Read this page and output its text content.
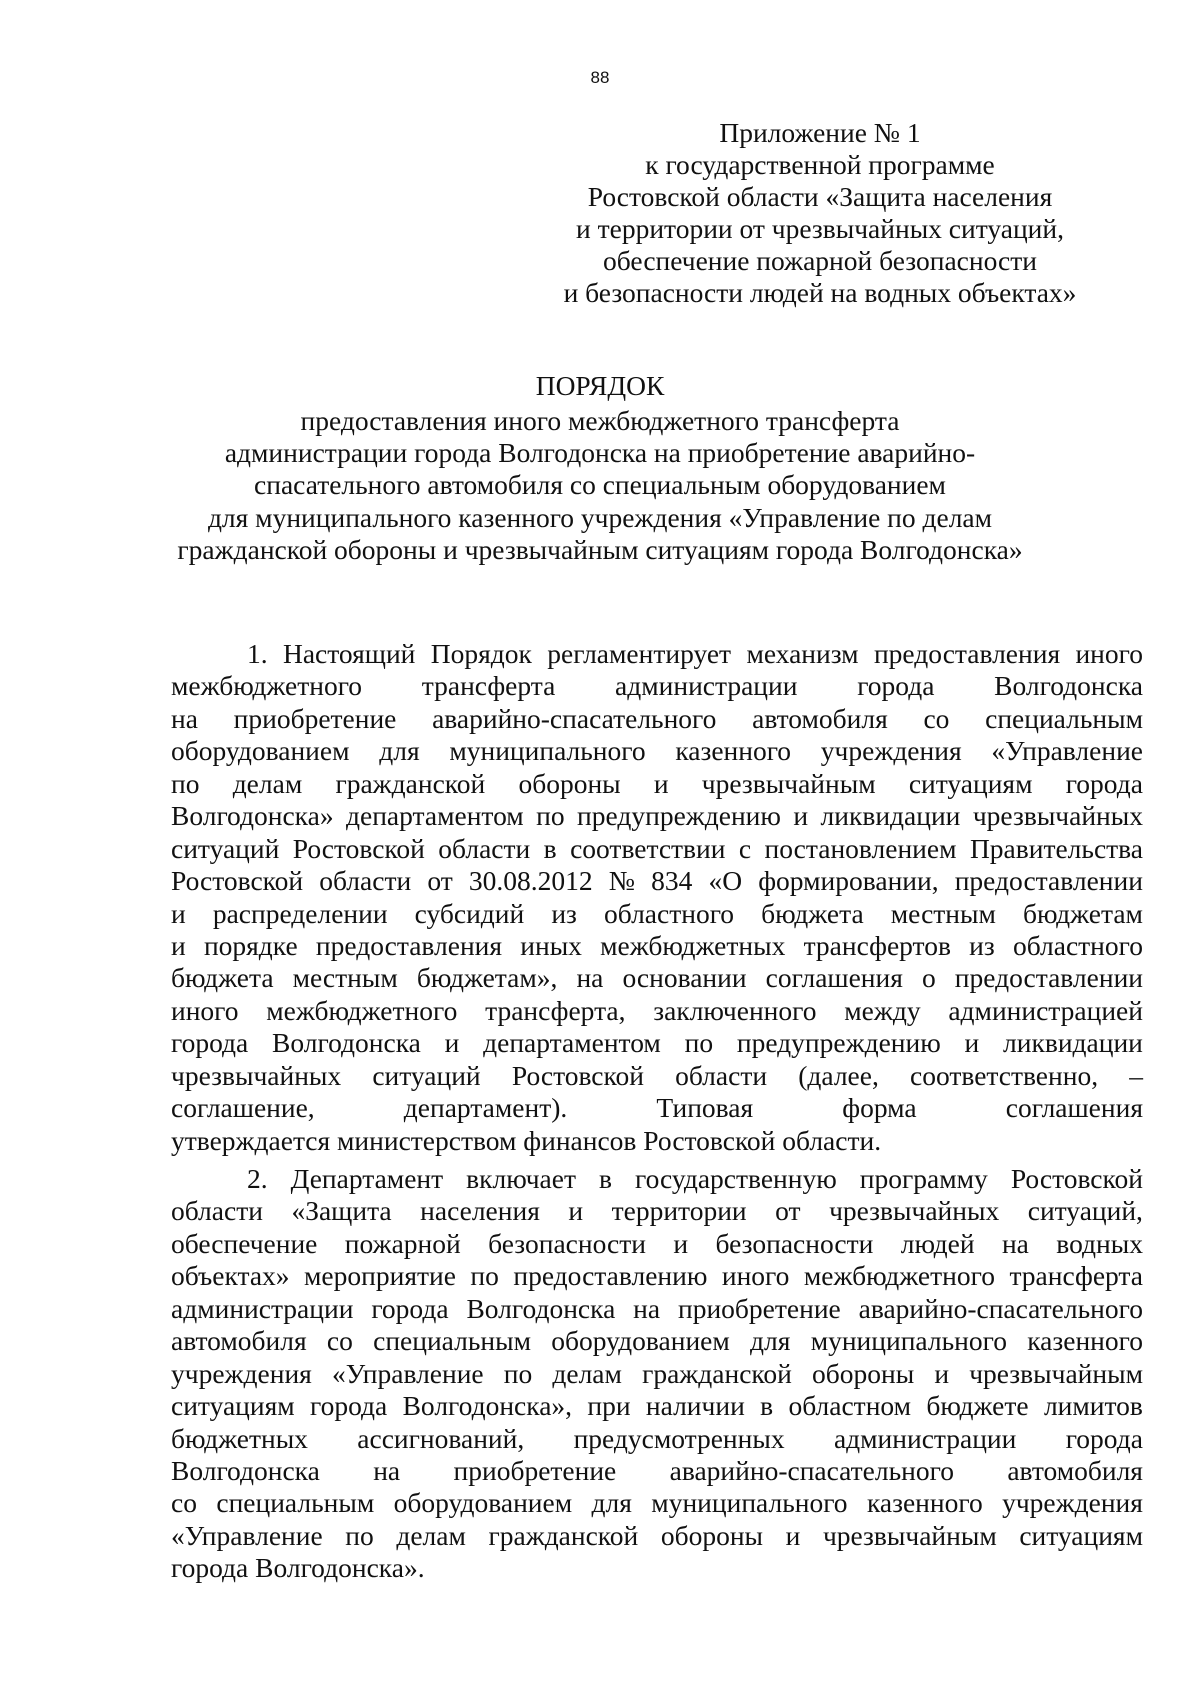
88
Приложение № 1
к государственной программе
Ростовской области «Защита населения
и территории от чрезвычайных ситуаций,
обеспечение пожарной безопасности
и безопасности людей на водных объектах»
ПОРЯДОК
предоставления иного межбюджетного трансферта
администрации города Волгодонска на приобретение аварийно-
спасательного автомобиля со специальным оборудованием
для муниципального казенного учреждения «Управление по делам
гражданской обороны и чрезвычайным ситуациям города Волгодонска»
1. Настоящий Порядок регламентирует механизм предоставления иного
межбюджетного трансферта администрации города Волгодонска
на приобретение аварийно-спасательного автомобиля со специальным
оборудованием для муниципального казенного учреждения «Управление
по делам гражданской обороны и чрезвычайным ситуациям города
Волгодонска» департаментом по предупреждению и ликвидации чрезвычайных
ситуаций Ростовской области в соответствии с постановлением Правительства
Ростовской области от 30.08.2012 № 834 «О формировании, предоставлении
и распределении субсидий из областного бюджета местным бюджетам
и порядке предоставления иных межбюджетных трансфертов из областного
бюджета местным бюджетам», на основании соглашения о предоставлении
иного межбюджетного трансферта, заключенного между администрацией
города Волгодонска и департаментом по предупреждению и ликвидации
чрезвычайных ситуаций Ростовской области (далее, соответственно, –
соглашение,	департамент).	Типовая	форма	соглашения
утверждается министерством финансов Ростовской области.
2. Департамент включает в государственную программу Ростовской
области «Защита населения и территории от чрезвычайных ситуаций,
обеспечение пожарной безопасности и безопасности людей на водных
объектах» мероприятие по предоставлению иного межбюджетного трансферта
администрации города Волгодонска на приобретение аварийно-спасательного
автомобиля со специальным оборудованием для муниципального казенного
учреждения «Управление по делам гражданской обороны и чрезвычайным
ситуациям города Волгодонска», при наличии в областном бюджете лимитов
бюджетных ассигнований, предусмотренных администрации города
Волгодонска на приобретение аварийно-спасательного автомобиля
со специальным оборудованием для муниципального казенного учреждения
«Управление по делам гражданской обороны и чрезвычайным ситуациям
города Волгодонска».
